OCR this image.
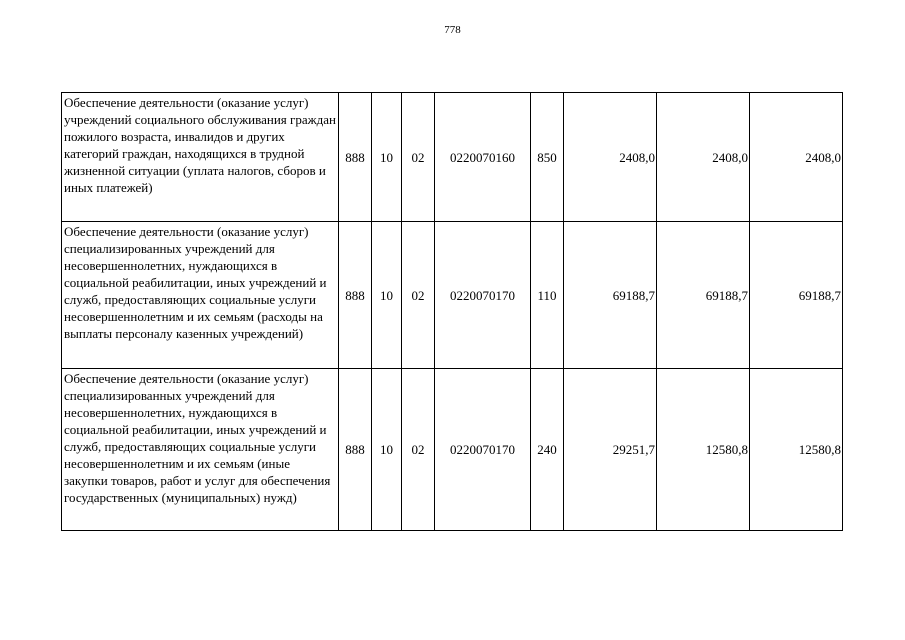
778
Обеспечение деятельности (оказание услуг) учреждений социального обслуживания граждан пожилого возраста, инвалидов и других категорий граждан, находящихся в трудной жизненной ситуации (уплата налогов, сборов и иных платежей)	888	10	02	0220070160	850	2408,0	2408,0	2408,0
Обеспечение деятельности (оказание услуг) специализированных учреждений для несовершеннолетних, нуждающихся в социальной реабилитации, иных учреждений и служб, предоставляющих социальные услуги несовершеннолетним и их семьям (расходы на выплаты персоналу казенных учреждений)	888	10	02	0220070170	110	69188,7	69188,7	69188,7
Обеспечение деятельности (оказание услуг) специализированных учреждений для несовершеннолетних, нуждающихся в социальной реабилитации, иных учреждений и служб, предоставляющих социальные услуги несовершеннолетним и их семьям (иные закупки товаров, работ и услуг для обеспечения государственных (муниципальных) нужд)	888	10	02	0220070170	240	29251,7	12580,8	12580,8
